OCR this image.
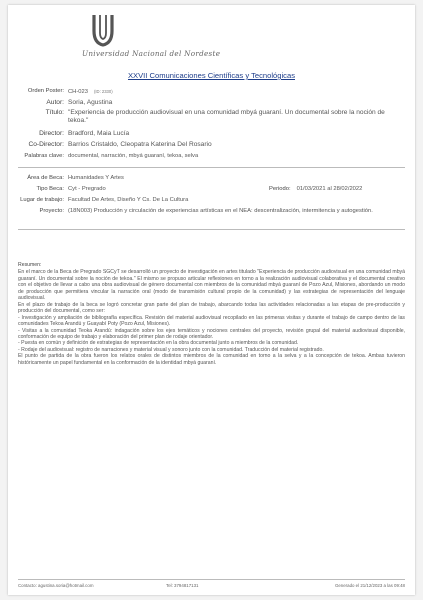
Universidad Nacional del Nordeste
XXVII Comunicaciones Científicas y Tecnológicas
Orden Poster: CH-023 (ID: 2330)
Autor: Soria, Agustina
Título: "Experiencia de producción audiovisual en una comunidad mbyá guaraní. Un documental sobre la noción de tekoa."
Director: Bradford, Maia Lucía
Co-Director: Barrios Cristaldo, Cleopatra Katerina Del Rosario
Palabras clave: documental, narración, mbyá guaraní, tekoa, selva
Área de Beca: Humanidades Y Artes
Tipo Beca: Cyt - Pregrado	Periodo: 01/03/2021 al 28/02/2022
Lugar de trabajo: Facultad De Artes, Diseño Y Cs. De La Cultura
Proyecto: (18N003) Producción y circulación de experiencias artísticas en el NEA: descentralización, intermitencia y autogestión.

Resumen:

En el marco de la Beca de Pregrado SGCyT se desarrolló un proyecto de investigación en artes titulado "Experiencia de producción audiovisual en una comunidad mbyá guaraní. Un documental sobre la noción de tekoa." El mismo se propuso articular reflexiones en torno a la realización audiovisual colaborativa y el documental creativo con el objetivo de llevar a cabo una obra audiovisual de género documental con miembros de la comunidad mbyá guaraní de Pozo Azul, Misiones, abordando un modo de producción que permitiera vincular la narración oral (modo de transmisión cultural propio de la comunidad) y las estrategias de representación del lenguaje audiovisual.

En el plazo de trabajo de la beca se logró concretar gran parte del plan de trabajo, abarcando todas las actividades relacionadas a las etapas de pre-producción y producción del documental, como ser:

- Investigación y ampliación de bibliografía específica. Revisión del material audiovisual recopilado en las primeras visitas y durante el trabajo de campo dentro de las comunidades Tekoa Arandú y Guayabí Poty (Pozo Azul, Misiones).

- Visitas a la comunidad Teoka Arandú: indagación sobre los ejes temáticos y nociones centrales del proyecto, revisión grupal del material audiovisual disponible, conformación de equipo de trabajo y elaboración del primer plan de rodaje orientador.

- Puesta en común y definición de estrategias de representación en la obra documental junto a miembros de la comunidad.

- Rodaje del audiovisual: registro de narraciones y material visual y sonoro junto con la comunidad. Traducción del material registrado.

El punto de partida de la obra fueron los relatos orales de distintos miembros de la comunidad en torno a la selva y a la concepción de tekoa. Ambas tuvieron históricamente un papel fundamental en la conformación de la identidad mbyá guaraní.

Contacto: agustina.soria@hotmail.com	Tel: 3794817131	Generado el 21/12/2023 a las 09:48
